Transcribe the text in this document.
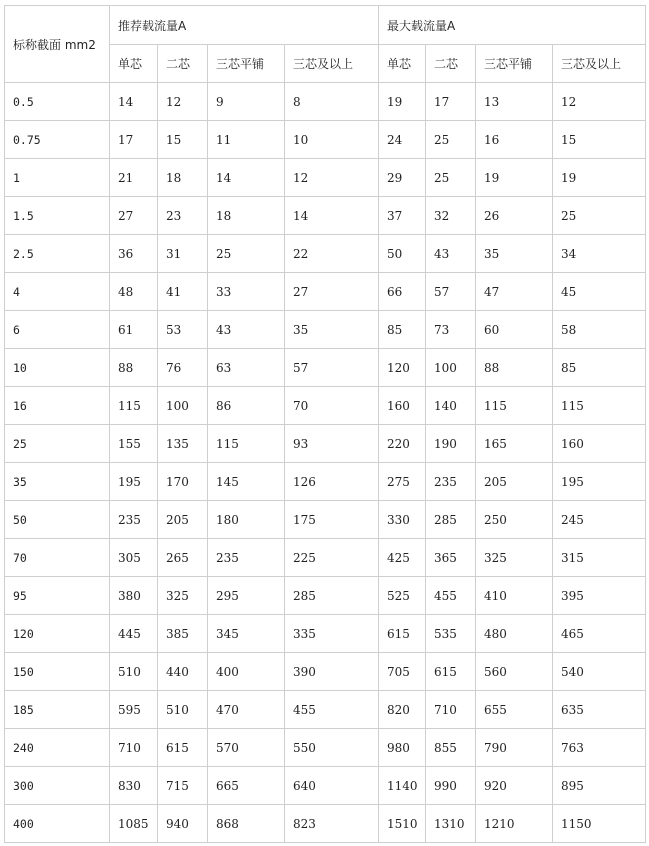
标称截面 mm2	推荐载流量A				最大载流量A			
	单芯	二芯	三芯平铺	三芯及以上	单芯	二芯	三芯平铺	三芯及以上
0.5	14	12	9	8	19	17	13	12
0.75	17	15	11	10	24	25	16	15
1	21	18	14	12	29	25	19	19
1.5	27	23	18	14	37	32	26	25
2.5	36	31	25	22	50	43	35	34
4	48	41	33	27	66	57	47	45
6	61	53	43	35	85	73	60	58
10	88	76	63	57	120	100	88	85
16	115	100	86	70	160	140	115	115
25	155	135	115	93	220	190	165	160
35	195	170	145	126	275	235	205	195
50	235	205	180	175	330	285	250	245
70	305	265	235	225	425	365	325	315
95	380	325	295	285	525	455	410	395
120	445	385	345	335	615	535	480	465
150	510	440	400	390	705	615	560	540
185	595	510	470	455	820	710	655	635
240	710	615	570	550	980	855	790	763
300	830	715	665	640	1140	990	920	895
400	1085	940	868	823	1510	1310	1210	1150
